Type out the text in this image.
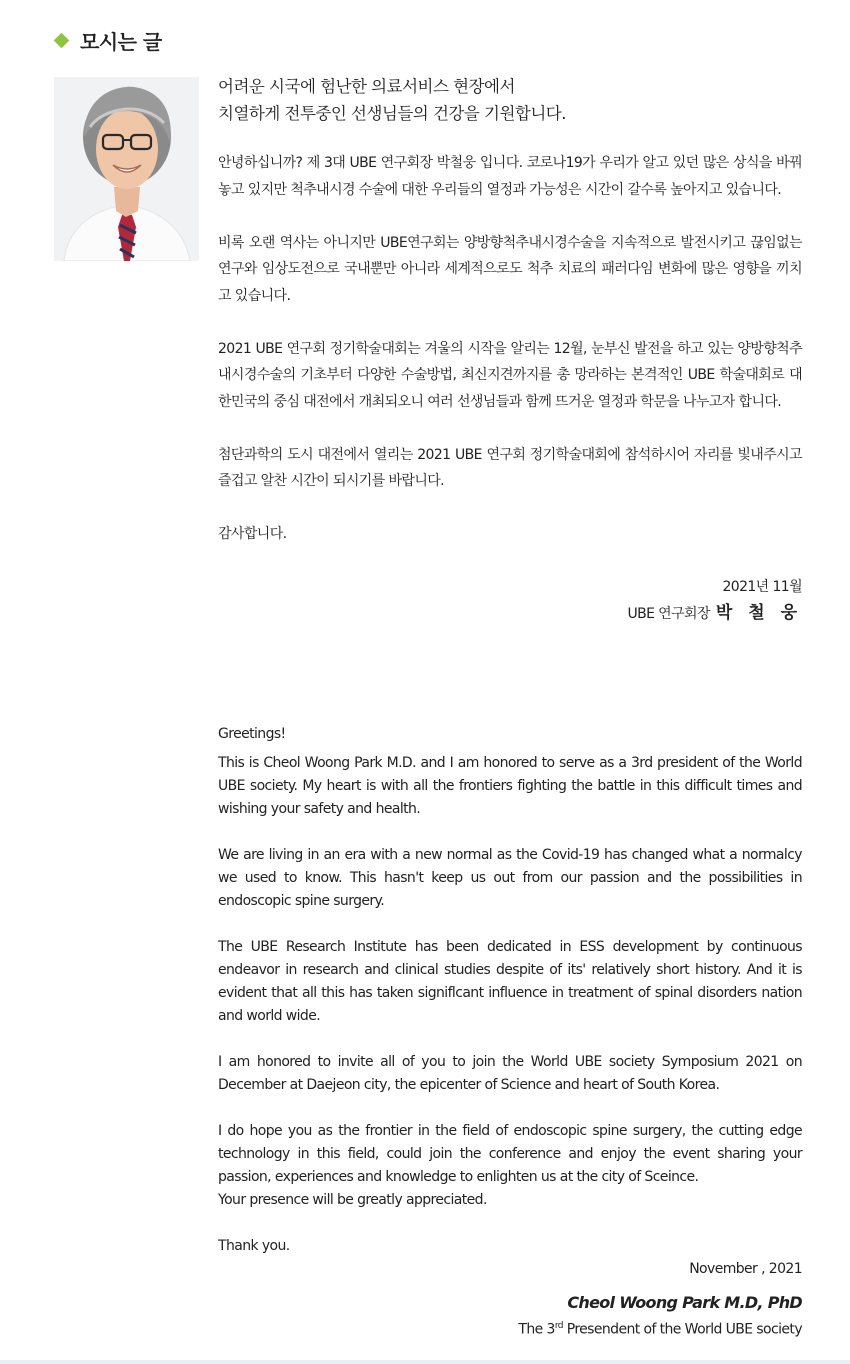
모시는 글
어려운 시국에 험난한 의료서비스 현장에서
치열하게 전투중인 선생님들의 건강을 기원합니다.

안녕하십니까? 제 3대 UBE 연구회장 박철웅 입니다. 코로나19가 우리가 알고 있던 많은 상식을 바꿔 놓고 있지만 척추내시경 수술에 대한 우리들의 열정과 가능성은 시간이 갈수록 높아지고 있습니다.

비록 오랜 역사는 아니지만 UBE연구회는 양방향척추내시경수술을 지속적으로 발전시키고 끊임없는 연구와 임상도전으로 국내뿐만 아니라 세계적으로도 척추 치료의 패러다임 변화에 많은 영향을 끼치고 있습니다.

2021 UBE 연구회 정기학술대회는 겨울의 시작을 알리는 12월, 눈부신 발전을 하고 있는 양방향척추내시경수술의 기초부터 다양한 수술방법, 최신지견까지를 총 망라하는 본격적인 UBE 학술대회로 대한민국의 중심 대전에서 개최되오니 여러 선생님들과 함께 뜨거운 열정과 학문을 나누고자 합니다.

첨단과학의 도시 대전에서 열리는 2021 UBE 연구회 정기학술대회에 참석하시어 자리를 빛내주시고 즐겁고 알찬 시간이 되시기를 바랍니다.

감사합니다.

2021년 11월
UBE 연구회장 박 철 웅

Greetings!

This is Cheol Woong Park M.D. and I am honored to serve as a 3rd president of the World UBE society. My heart is with all the frontiers fighting the battle in this difficult times and wishing your safety and health.

We are living in an era with a new normal as the Covid-19 has changed what a normalcy we used to know. This hasn't keep us out from our passion and the possibilities in endoscopic spine surgery.

The UBE Research Institute has been dedicated in ESS development by continuous endeavor in research and clinical studies despite of its' relatively short history. And it is evident that all this has taken signiflcant influence in treatment of spinal disorders nation and world wide.

I am honored to invite all of you to join the World UBE society Symposium 2021 on December at Daejeon city, the epicenter of Science and heart of South Korea.

I do hope you as the frontier in the field of endoscopic spine surgery, the cutting edge technology in this field, could join the conference and enjoy the event sharing your passion, experiences and knowledge to enlighten us at the city of Sceince.
Your presence will be greatly appreciated.

Thank you.

November , 2021

Cheol Woong Park M.D, PhD
The 3rd Presendent of the World UBE society
